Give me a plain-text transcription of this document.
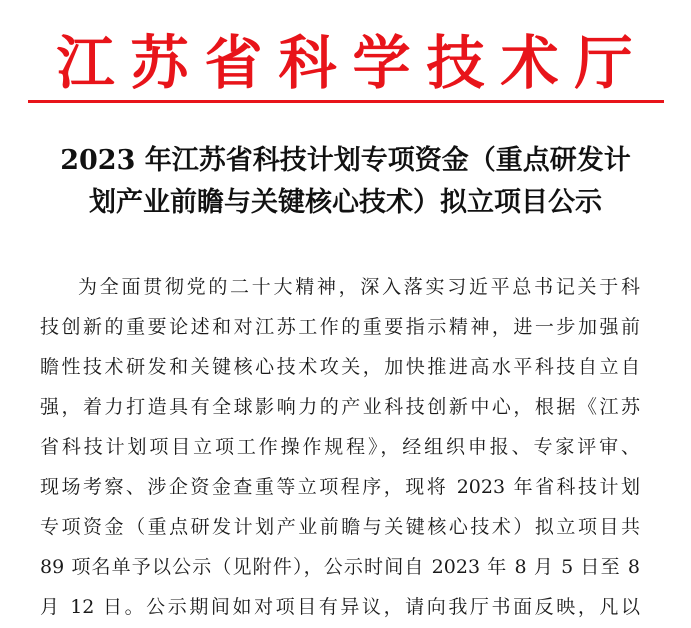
江苏省科学技术厅
2023 年江苏省科技计划专项资金（重点研发计
划产业前瞻与关键核心技术）拟立项目公示
为全面贯彻党的二十大精神，深入落实习近平总书记关于科
技创新的重要论述和对江苏工作的重要指示精神，进一步加强前
瞻性技术研发和关键核心技术攻关，加快推进高水平科技自立自
强，着力打造具有全球影响力的产业科技创新中心，根据《江苏
省科技计划项目立项工作操作规程》，经组织申报、专家评审、
现场考察、涉企资金查重等立项程序，现将 2023 年省科技计划
专项资金（重点研发计划产业前瞻与关键核心技术）拟立项目共
89 项名单予以公示（见附件），公示时间自 2023 年 8 月 5 日至 8
月 12 日。公示期间如对项目有异议，请向我厅书面反映，凡以
